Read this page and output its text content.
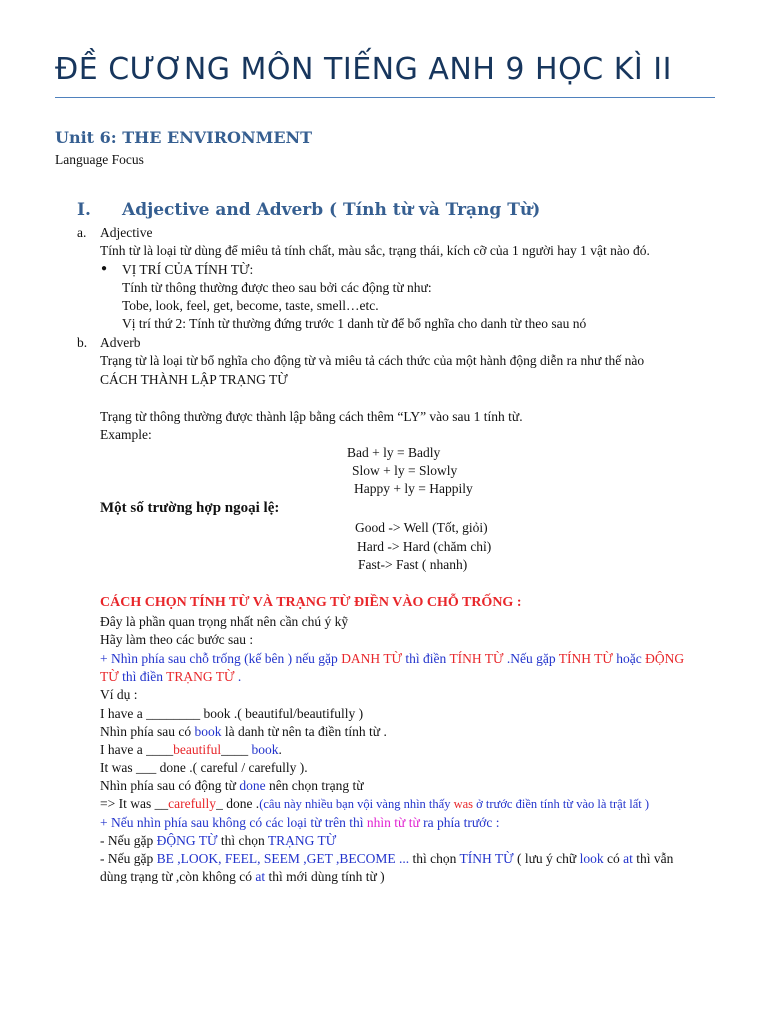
ĐỀ CƯƠNG MÔN TIẾNG ANH 9 HỌC KÌ II
Unit 6: THE ENVIRONMENT
Language Focus
I. Adjective and Adverb ( Tính từ và Trạng Từ)
a. Adjective
Tính từ là loại từ dùng để miêu tả tính chất, màu sắc, trạng thái, kích cỡ của 1 người hay 1 vật nào đó.
● VỊ TRÍ CỦA TÍNH TỪ:
Tính từ thông thường được theo sau bởi các động từ như:
Tobe, look, feel, get, become, taste, smell…etc.
Vị trí thứ 2: Tính từ thường đứng trước 1 danh từ để bổ nghĩa cho danh từ theo sau nó
b. Adverb
Trạng từ là loại từ bổ nghĩa cho động từ và miêu tả cách thức của một hành động diễn ra như thế nào
CÁCH THÀNH LẬP TRẠNG TỪ
Trạng từ thông thường được thành lập bằng cách thêm “LY” vào sau 1 tính từ.
Example:
Bad + ly = Badly
Slow + ly = Slowly
Happy + ly = Happily
Một số trường hợp ngoại lệ:
Good -> Well (Tốt, giỏi)
Hard -> Hard (chăm chỉ)
Fast-> Fast ( nhanh)
CÁCH CHỌN TÍNH TỪ VÀ TRẠNG TỪ ĐIỀN VÀO CHỖ TRỐNG :
Đây là phần quan trọng nhất nên cần chú ý kỹ
Hãy làm theo các bước sau :
+ Nhìn phía sau chỗ trống (kế bên ) nếu gặp DANH TỪ thì điền TÍNH TỪ .Nếu gặp TÍNH TỪ hoặc ĐỘNG
TỪ thì điền TRẠNG TỪ .
Ví dụ :
I have a ________ book .( beautiful/beautifully )
Nhìn phía sau có book là danh từ nên ta điền tính từ .
I have a ____beautiful____ book.
It was ___ done .( careful / carefully ).
Nhìn phía sau có động từ done nên chọn trạng từ
=> It was __carefully_ done .(câu này nhiều bạn vội vàng nhìn thấy was ở trước điền tính từ vào là trật lất )
+ Nếu nhìn phía sau không có các loại từ trên thì nhìn từ từ ra phía trước :
- Nếu gặp ĐỘNG TỪ thì chọn TRẠNG TỪ
- Nếu gặp BE ,LOOK, FEEL, SEEM ,GET ,BECOME ... thì chọn TÍNH TỪ ( lưu ý chữ look có at thì vẫn
dùng trạng từ ,còn không có at thì mới dùng tính từ )
